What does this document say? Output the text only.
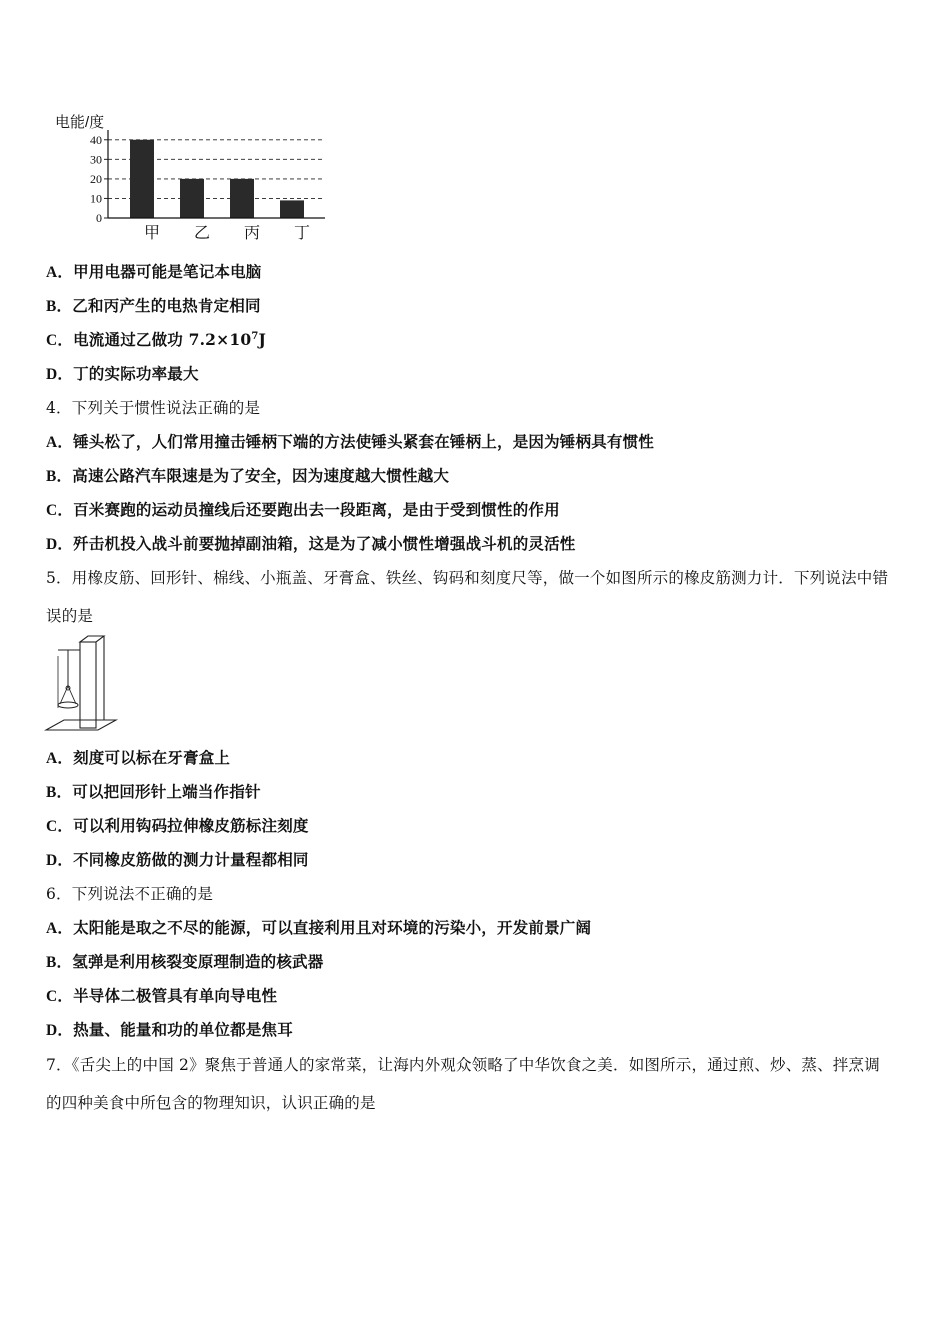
电能/度
0
10
20
30
40
甲 乙 丙 丁
A．甲用电器可能是笔记本电脑
B．乙和丙产生的电热肯定相同
C．电流通过乙做功 $7.2\times 10^7J$
D．丁的实际功率最大
4．下列关于惯性说法正确的是
A．锤头松了，人们常用撞击锤柄下端的方法使锤头紧套在锤柄上，是因为锤柄具有惯性
B．高速公路汽车限速是为了安全，因为速度越大惯性越大
C．百米赛跑的运动员撞线后还要跑出去一段距离，是由于受到惯性的作用
D．歼击机投入战斗前要抛掉副油箱，这是为了减小惯性增强战斗机的灵活性
5．用橡皮筋、回形针、棉线、小瓶盖、牙膏盒、铁丝、钩码和刻度尺等，做一个如图所示的橡皮筋测力计．下列说法中错
误的是
A．刻度可以标在牙膏盒上
B．可以把回形针上端当作指针
C．可以利用钩码拉伸橡皮筋标注刻度
D．不同橡皮筋做的测力计量程都相同
6．下列说法不正确的是
A．太阳能是取之不尽的能源，可以直接利用且对环境的污染小，开发前景广阔
B．氢弹是利用核裂变原理制造的核武器
C．半导体二极管具有单向导电性
D．热量、能量和功的单位都是焦耳
7．《舌尖上的中国 2》聚焦于普通人的家常菜，让海内外观众领略了中华饮食之美．如图所示，通过煎、炒、蒸、拌烹调
的四种美食中所包含的物理知识，认识正确的是
